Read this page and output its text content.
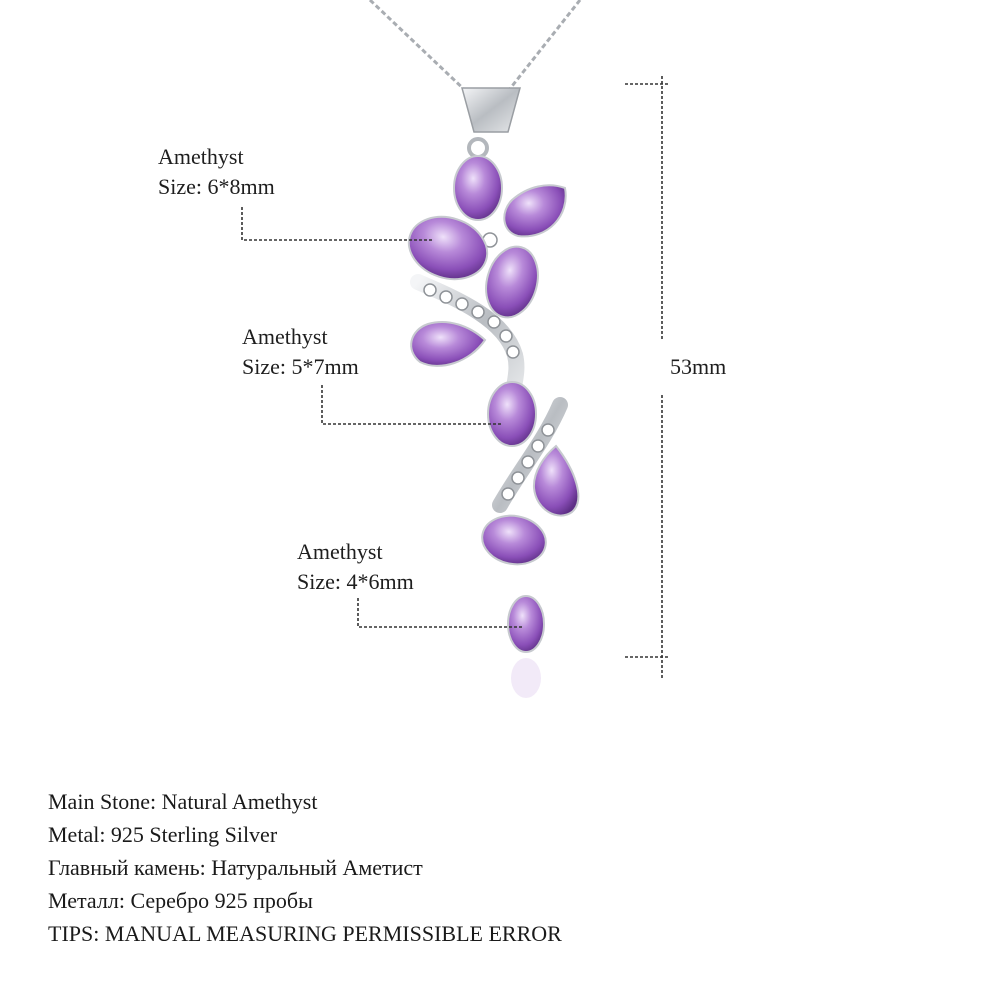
Amethyst
Size: 6*8mm
Amethyst
Size: 5*7mm
Amethyst
Size: 4*6mm
53mm
Main Stone: Natural Amethyst
Metal: 925 Sterling Silver
Главный камень: Натуральный Аметист
Металл: Серебро 925 пробы
TIPS: MANUAL MEASURING PERMISSIBLE ERROR
